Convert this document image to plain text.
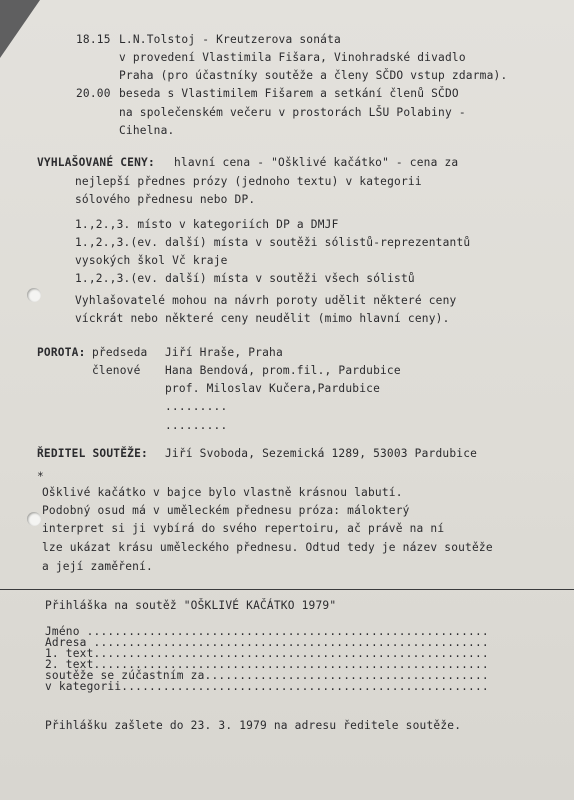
18.15 L.N.Tolstoj - Kreutzerova sonáta
v provedení Vlastimila Fišara, Vinohradské divadlo
Praha (pro účastníky soutěže a členy SČDO vstup zdarma).
20.00 beseda s Vlastimilem Fišarem a setkání členů SČDO
na společenském večeru v prostorách LŠU Polabiny -
Cihelna.
VYHLAŠOVANÉ CENY: hlavní cena - "Ošklivé kačátko" - cena za
nejlepší přednes prózy (jednoho textu) v kategorii
sólového přednesu nebo DP.
1.,2.,3. místo v kategoriích DP a DMJF
1.,2.,3.(ev. další) místa v soutěži sólistů-reprezentantů
vysokých škol Vč kraje
1.,2.,3.(ev. další) místa v soutěži všech sólistů
Vyhlašovatelé mohou na návrh poroty udělit některé ceny
víckrát nebo některé ceny neudělit (mimo hlavní ceny).
POROTA: předseda Jiří Hraše, Praha
členové Hana Bendová, prom.fil., Pardubice
prof. Miloslav Kučera,Pardubice
.........
.........
ŘEDITEL SOUTĚŽE: Jiří Svoboda, Sezemická 1289, 53003 Pardubice
*
Ošklivé kačátko v bajce bylo vlastně krásnou labutí.
Podobný osud má v uměleckém přednesu próza: málokterý
interpret si ji vybírá do svého repertoiru, ač právě na ní
lze ukázat krásu uměleckého přednesu. Odtud tedy je název soutěže
a její zaměření.
Přihláška na soutěž "OŠKLIVÉ KAČÁTKO 1979"
Jméno ..........................................................
Adresa .........................................................
1. text.........................................................
2. text.........................................................
soutěže se zúčastním za.........................................
v kategorii.....................................................
Přihlášku zašlete do 23. 3. 1979 na adresu ředitele soutěže.
